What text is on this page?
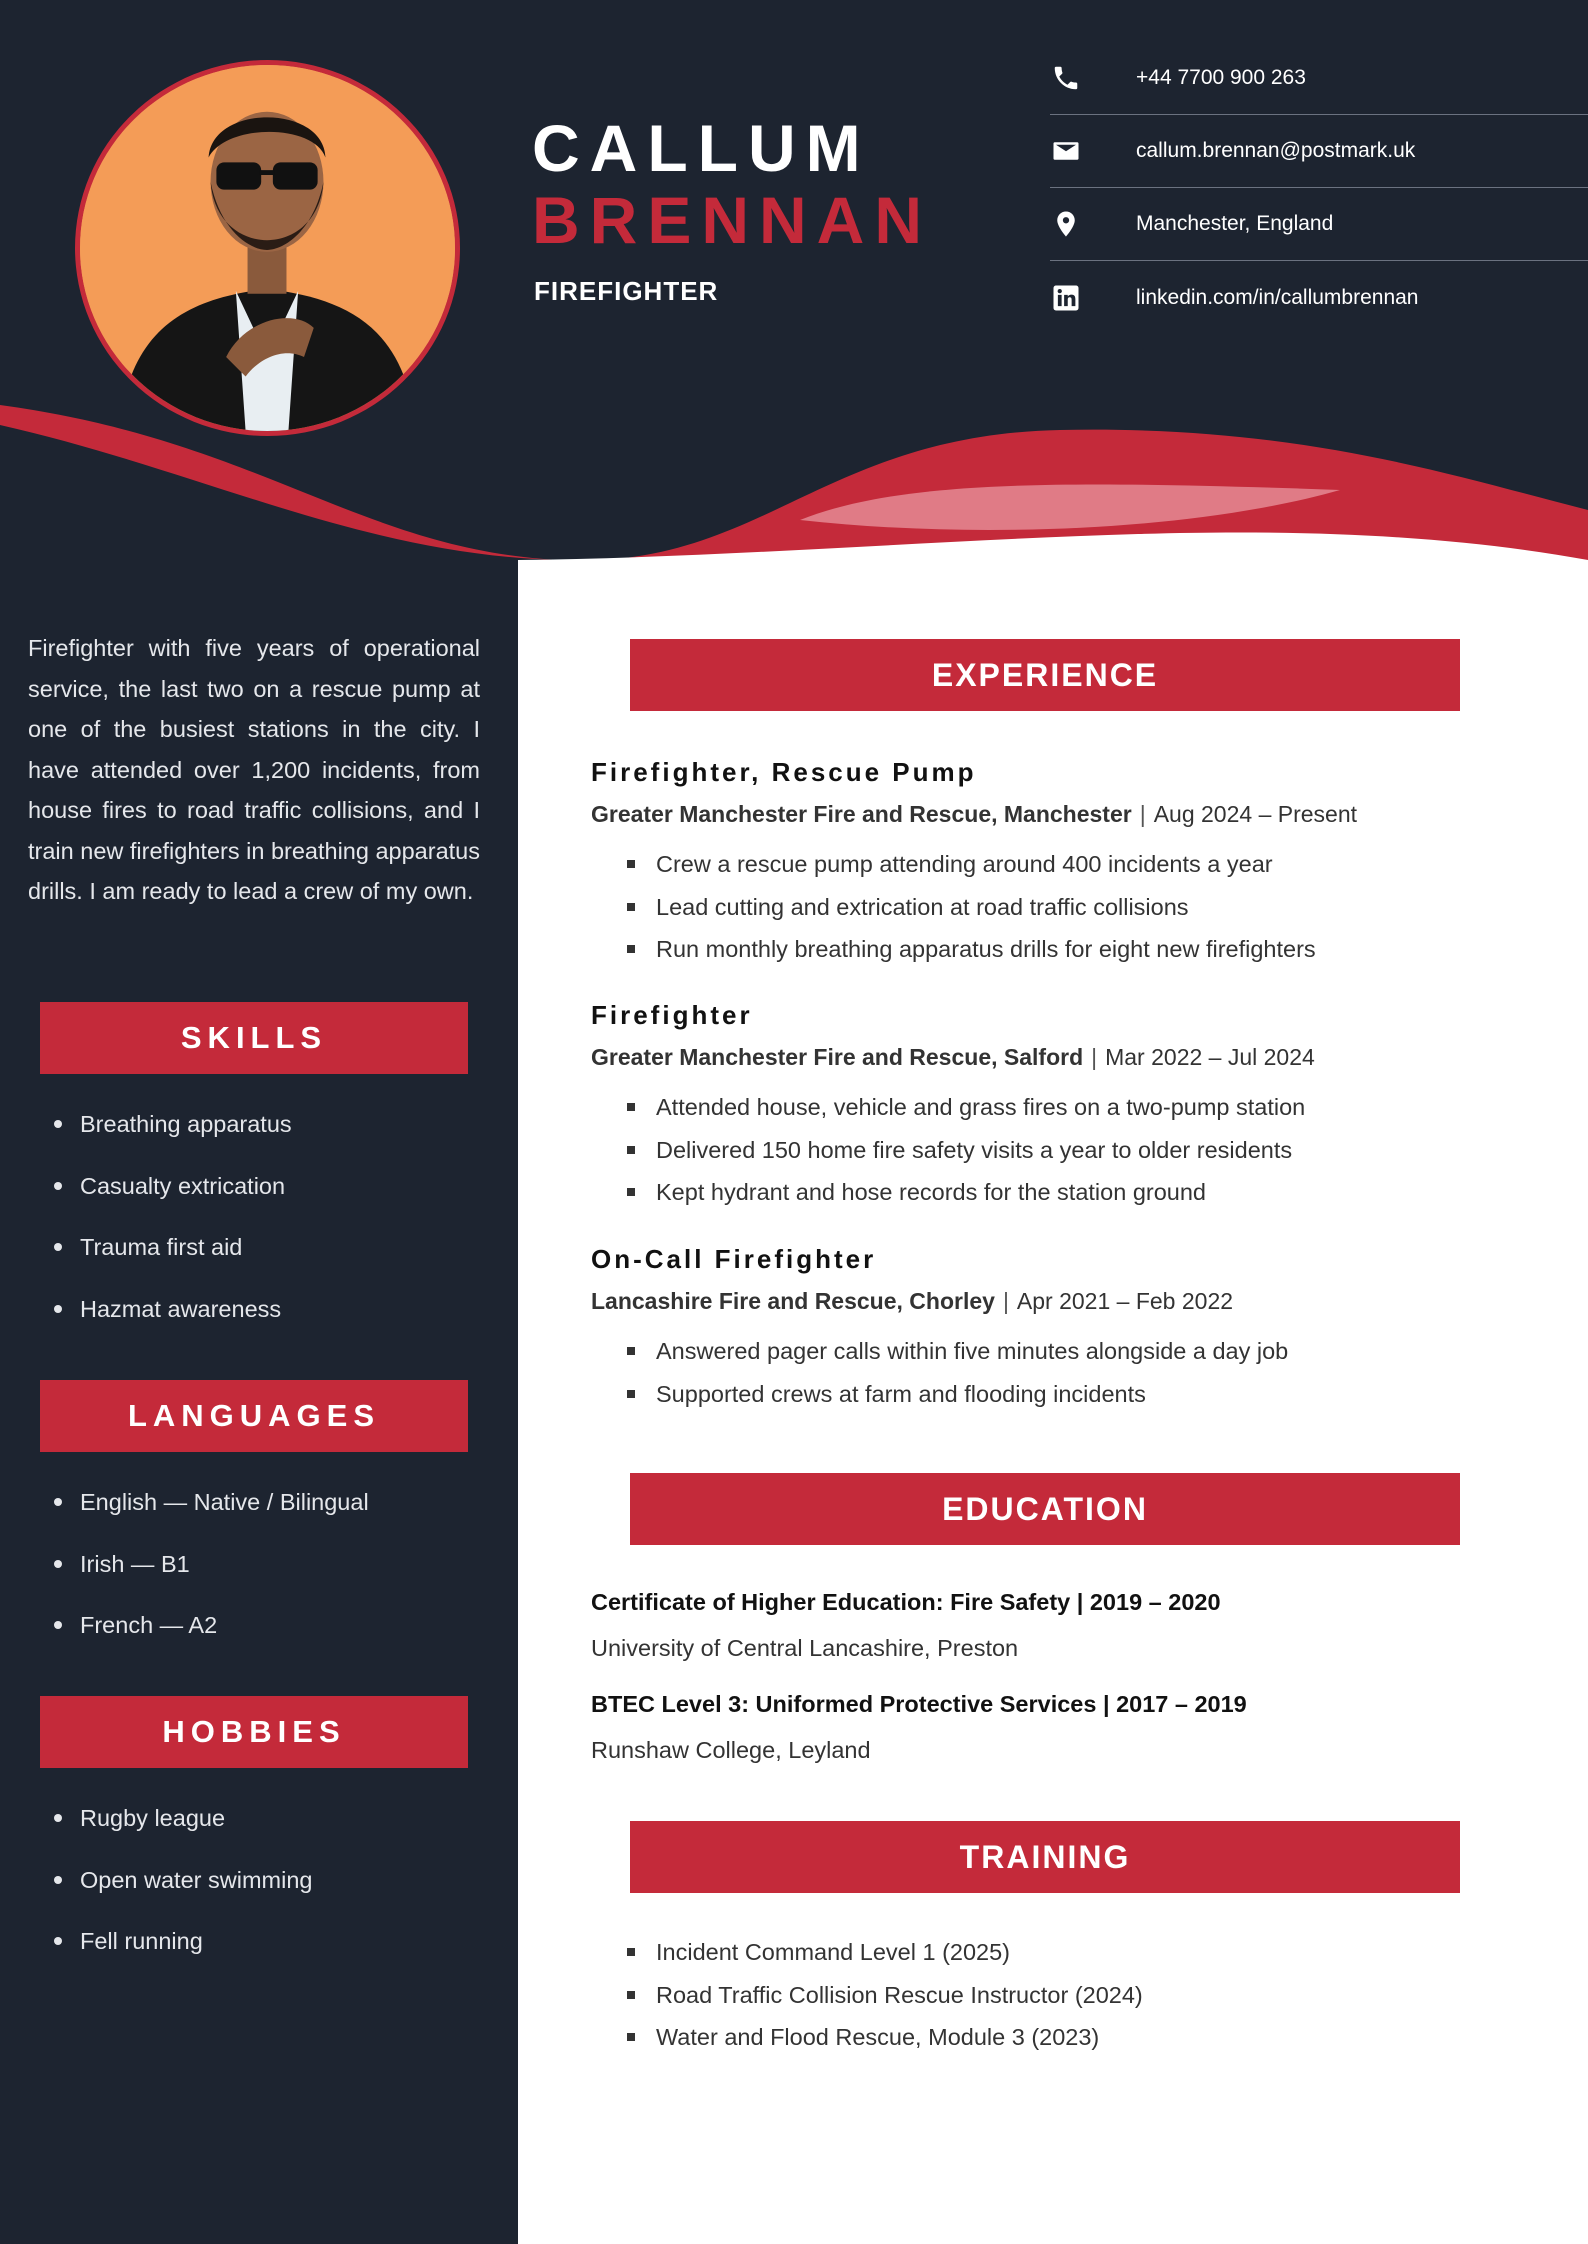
CALLUM
BRENNAN
FIREFIGHTER
+44 7700 900 263
callum.brennan@postmark.uk
Manchester, England
linkedin.com/in/callumbrennan

Firefighter with five years of operational service, the last two on a rescue pump at one of the busiest stations in the city. I have attended over 1,200 incidents, from house fires to road traffic collisions, and I train new firefighters in breathing apparatus drills. I am ready to lead a crew of my own.

SKILLS
Breathing apparatus
Casualty extrication
Trauma first aid
Hazmat awareness
LANGUAGES
English — Native / Bilingual
Irish — B1
French — A2
HOBBIES
Rugby league
Open water swimming
Fell running
EXPERIENCE
Firefighter, Rescue Pump
Greater Manchester Fire and Rescue, Manchester | Aug 2024 – Present
Crew a rescue pump attending around 400 incidents a year
Lead cutting and extrication at road traffic collisions
Run monthly breathing apparatus drills for eight new firefighters
Firefighter
Greater Manchester Fire and Rescue, Salford | Mar 2022 – Jul 2024
Attended house, vehicle and grass fires on a two-pump station
Delivered 150 home fire safety visits a year to older residents
Kept hydrant and hose records for the station ground
On-Call Firefighter
Lancashire Fire and Rescue, Chorley | Apr 2021 – Feb 2022
Answered pager calls within five minutes alongside a day job
Supported crews at farm and flooding incidents
EDUCATION
Certificate of Higher Education: Fire Safety | 2019 – 2020
University of Central Lancashire, Preston
BTEC Level 3: Uniformed Protective Services | 2017 – 2019
Runshaw College, Leyland
TRAINING
Incident Command Level 1 (2025)
Road Traffic Collision Rescue Instructor (2024)
Water and Flood Rescue, Module 3 (2023)
